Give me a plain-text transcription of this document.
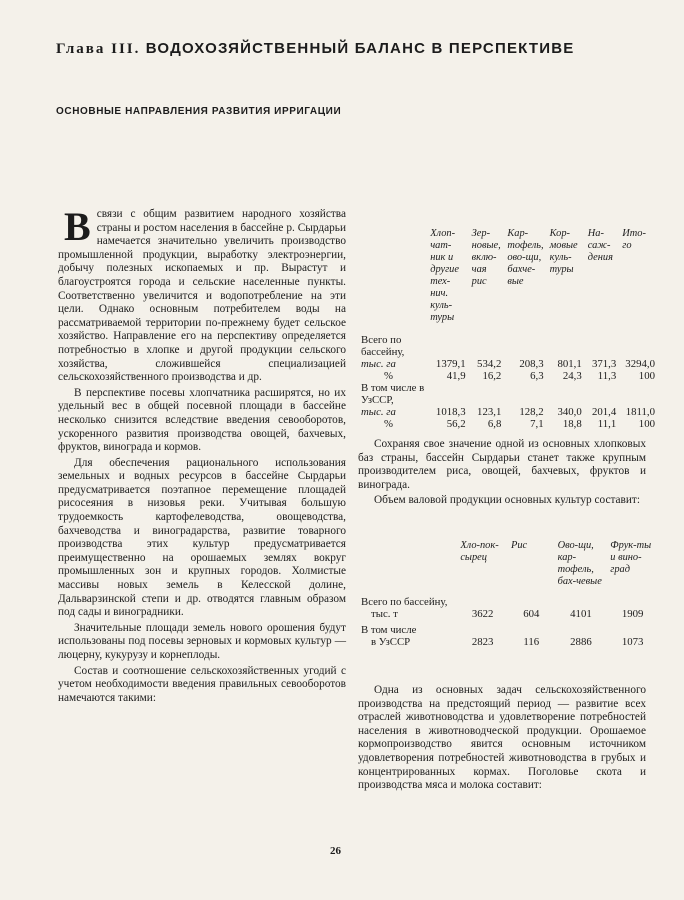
Глава III. ВОДОХОЗЯЙСТВЕННЫЙ БАЛАНС В ПЕРСПЕКТИВЕ
ОСНОВНЫЕ НАПРАВЛЕНИЯ РАЗВИТИЯ ИРРИГАЦИИ

Всвязи с общим развитием народного хозяйства страны и ростом населения в бассейне р. Сырдарьи намечается значительно увеличить производство промышленной продукции, выработку электроэнергии, добычу полезных ископаемых и пр. Вырастут и благоустроятся города и сельские населенные пункты. Соответственно увеличится и водопотребление на эти цели. Однако основным потребителем воды на рассматриваемой территории по-прежнему будет сельское хозяйство. Направление его на перспективу определяется потребностью в хлопке и другой продукции сельского хозяйства, сложившейся специализацией сельскохозяйственного производства и др.

В перспективе посевы хлопчатника расширятся, но их удельный вес в общей посевной площади в бассейне несколько снизится вследствие введения севооборотов, ускоренного развития производства овощей, бахчевых, фруктов, винограда и кормов.

Для обеспечения рационального использования земельных и водных ресурсов в бассейне Сырдарьи предусматривается поэтапное перемещение площадей рисосеяния в низовья реки. Учитывая большую трудоемкость картофелеводства, овощеводства, бахчеводства и виноградарства, развитие товарного производства этих культур предусматривается преимущественно на орошаемых землях вокруг промышленных зон и крупных городов. Холмистые массивы новых земель в Келесской долине, Дальварзинской степи и др. отводятся главным образом под сады и виноградники.

Значительные площади земель нового орошения будут использованы под посевы зерновых и кормовых культур — люцерну, кукурузу и корнеплоды.

Состав и соотношение сельскохозяйственных угодий с учетом необходимости введения правильных севооборотов намечаются такими:

	Хлоп-чат-ник и другие тех-нич. куль-туры	Зер-новые, вклю-чая рис	Кар-тофель, ово-щи, бахче-вые	Кор-мовые куль-туры	На-саж-дения	Ито-го

Всего по бассейну,
тыс. га	1379,1	534,2	208,3	801,1	371,3	3294,0
%	41,9	16,2	6,3	24,3	11,3	100

В том числе в УзССР,
тыс. га	1018,3	123,1	128,2	340,0	201,4	1811,0
%	56,2	6,8	7,1	18,8	11,1	100

Сохраняя свое значение одной из основных хлопковых баз страны, бассейн Сырдарьи станет также крупным производителем риса, овощей, бахчевых, фруктов и винограда.

Объем валовой продукции основных культур составит:

	Хло-пок-сырец	Рис	Ово-щи, кар-тофель, бах-чевые	Фрук-ты и вино-град

Всего по бассейну,
тыс. т	3622	604	4101	1909

В том числе
в УзССР	2823	116	2886	1073

Одна из основных задач сельскохозяйственного производства на предстоящий период — развитие всех отраслей животноводства и удовлетворение потребностей населения в животноводческой продукции. Орошаемое кормопроизводство явится основным источником удовлетворения потребностей животноводства в грубых и концентрированных кормах. Поголовье скота и производства мяса и молока составит:

26
